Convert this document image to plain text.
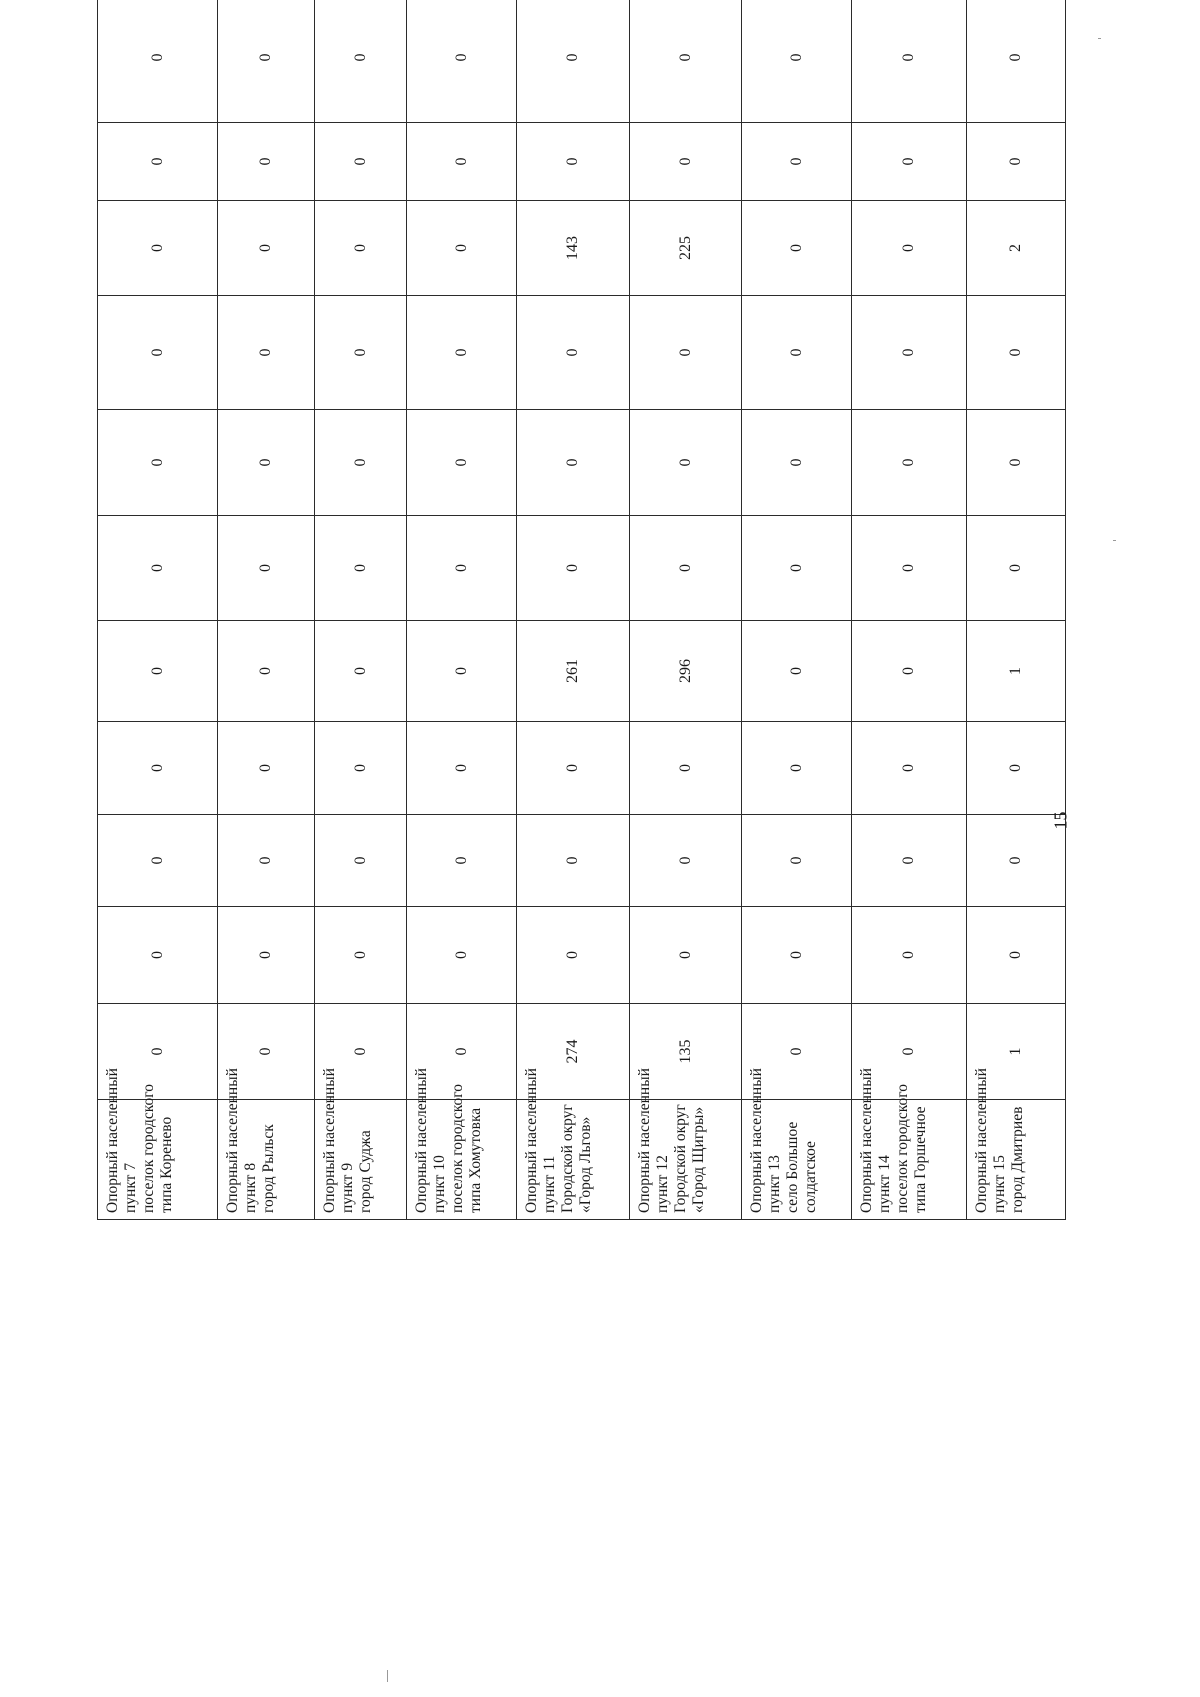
Опорный населенный пункт 7 поселок городского типа Коренево	0	0	0	0	0	0	0	0	0	0	0

Опорный населенный пункт 8 город Рыльск	0	0	0	0	0	0	0	0	0	0	0

Опорный населенный пункт 9 город Суджа	0	0	0	0	0	0	0	0	0	0	0

Опорный населенный пункт 10 поселок городского типа Хомутовка	0	0	0	0	0	0	0	0	0	0	0

Опорный населенный пункт 11 Городской округ «Город Льгов»	274	0	0	0	261	0	0	0	143	0	0

Опорный населенный пункт 12 Городской округ «Город Щигры»	135	0	0	0	296	0	0	0	225	0	0

Опорный населенный пункт 13 село Большое солдатское	0	0	0	0	0	0	0	0	0	0	0

Опорный населенный пункт 14 поселок городского типа Горшечное	0	0	0	0	0	0	0	0	0	0	0

Опорный населенный пункт 15 город Дмитриев	1	0	0	0	1	0	0	0	2	0	0
15
